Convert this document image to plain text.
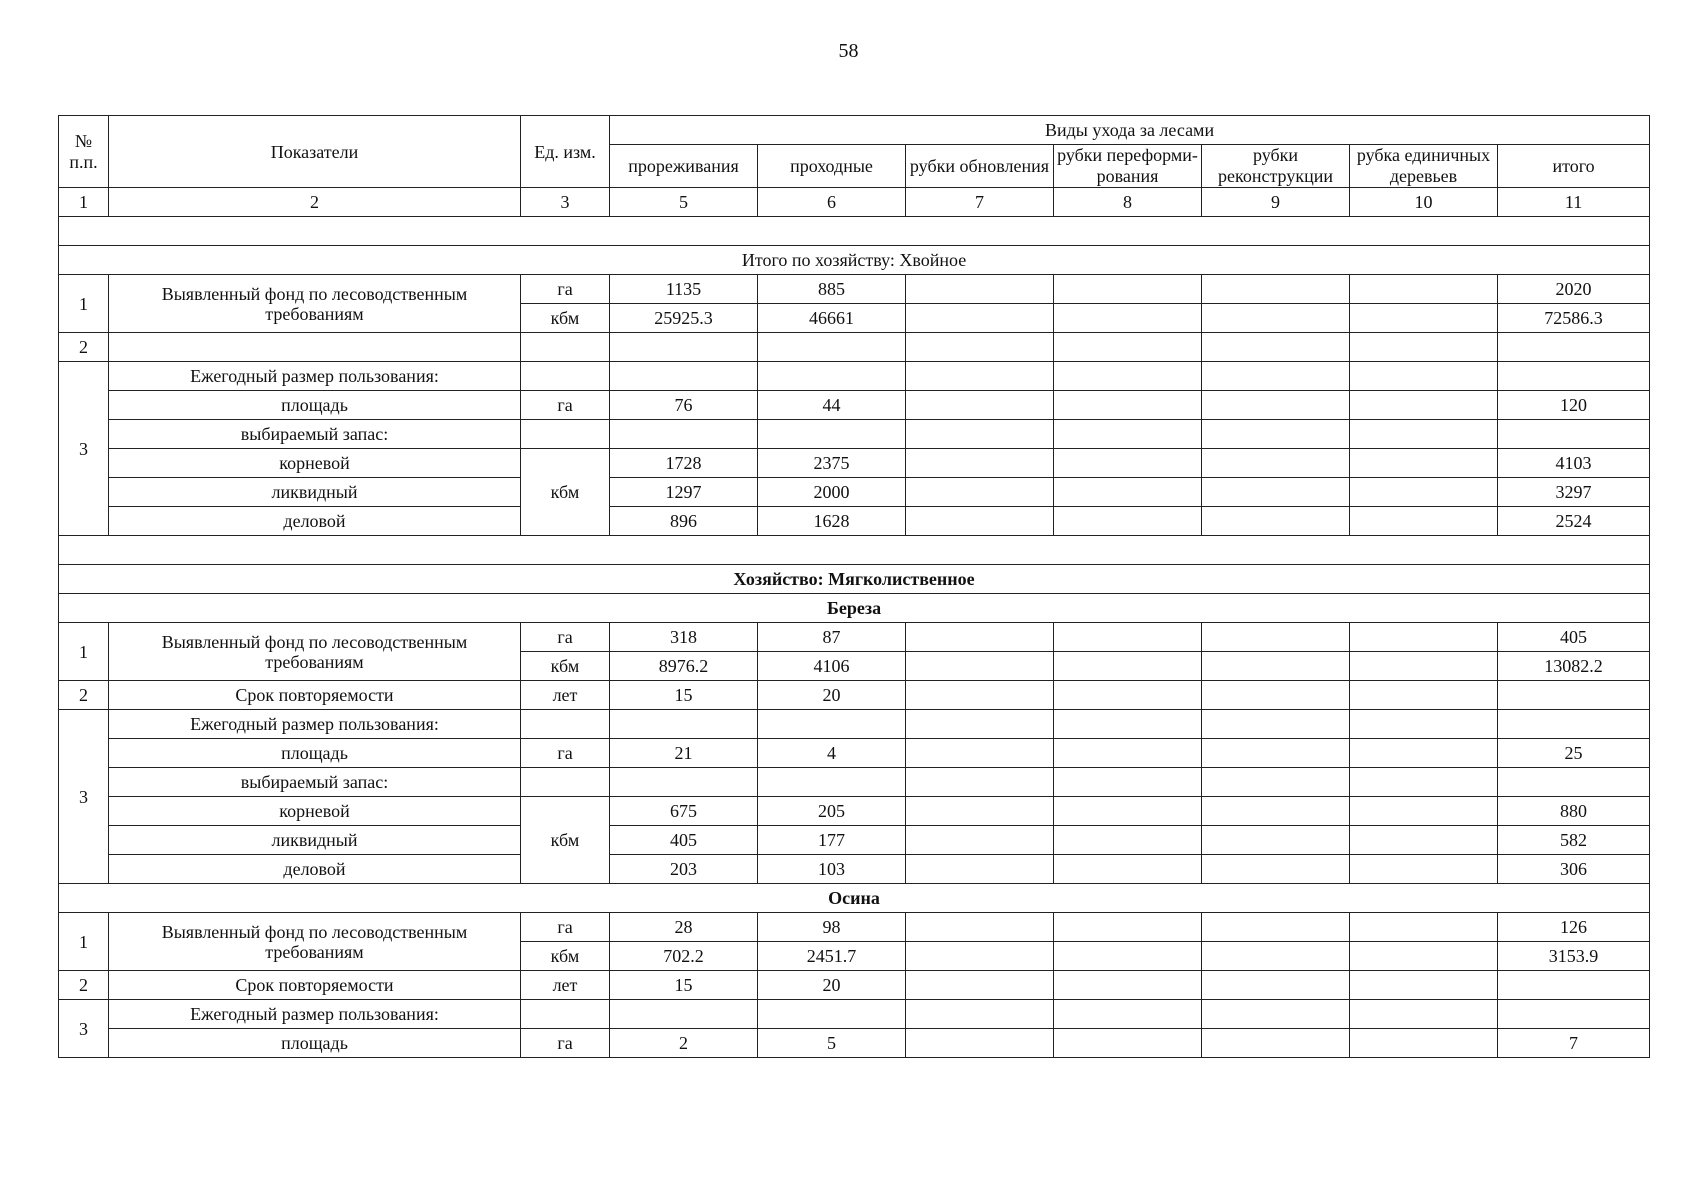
58
№ п.п.	Показатели	Ед. изм.	Виды ухода за лесами						
			прореживания	проходные	рубки обновления	рубки переформи-рования	рубки реконструкции	рубка единичных деревьев	итого
1	2	3	5	6	7	8	9	10	11

Итого по хозяйству: Хвойное									
1	Выявленный фонд по лесоводственным требованиям	га	1135	885					2020
		кбм	25925.3	46661					72586.3
2									
3	Ежегодный размер пользования:								
	площадь	га	76	44					120
	выбираемый запас:								
	корневой	кбм	1728	2375					4103
	ликвидный		1297	2000					3297
	деловой		896	1628					2524

Хозяйство: Мягколиственное									
Береза									
1	Выявленный фонд по лесоводственным требованиям	га	318	87					405
		кбм	8976.2	4106					13082.2
2	Срок повторяемости	лет	15	20					
3	Ежегодный размер пользования:								
	площадь	га	21	4					25
	выбираемый запас:								
	корневой	кбм	675	205					880
	ликвидный		405	177					582
	деловой		203	103					306
Осина									
1	Выявленный фонд по лесоводственным требованиям	га	28	98					126
		кбм	702.2	2451.7					3153.9
2	Срок повторяемости	лет	15	20					
3	Ежегодный размер пользования:								
	площадь	га	2	5					7
